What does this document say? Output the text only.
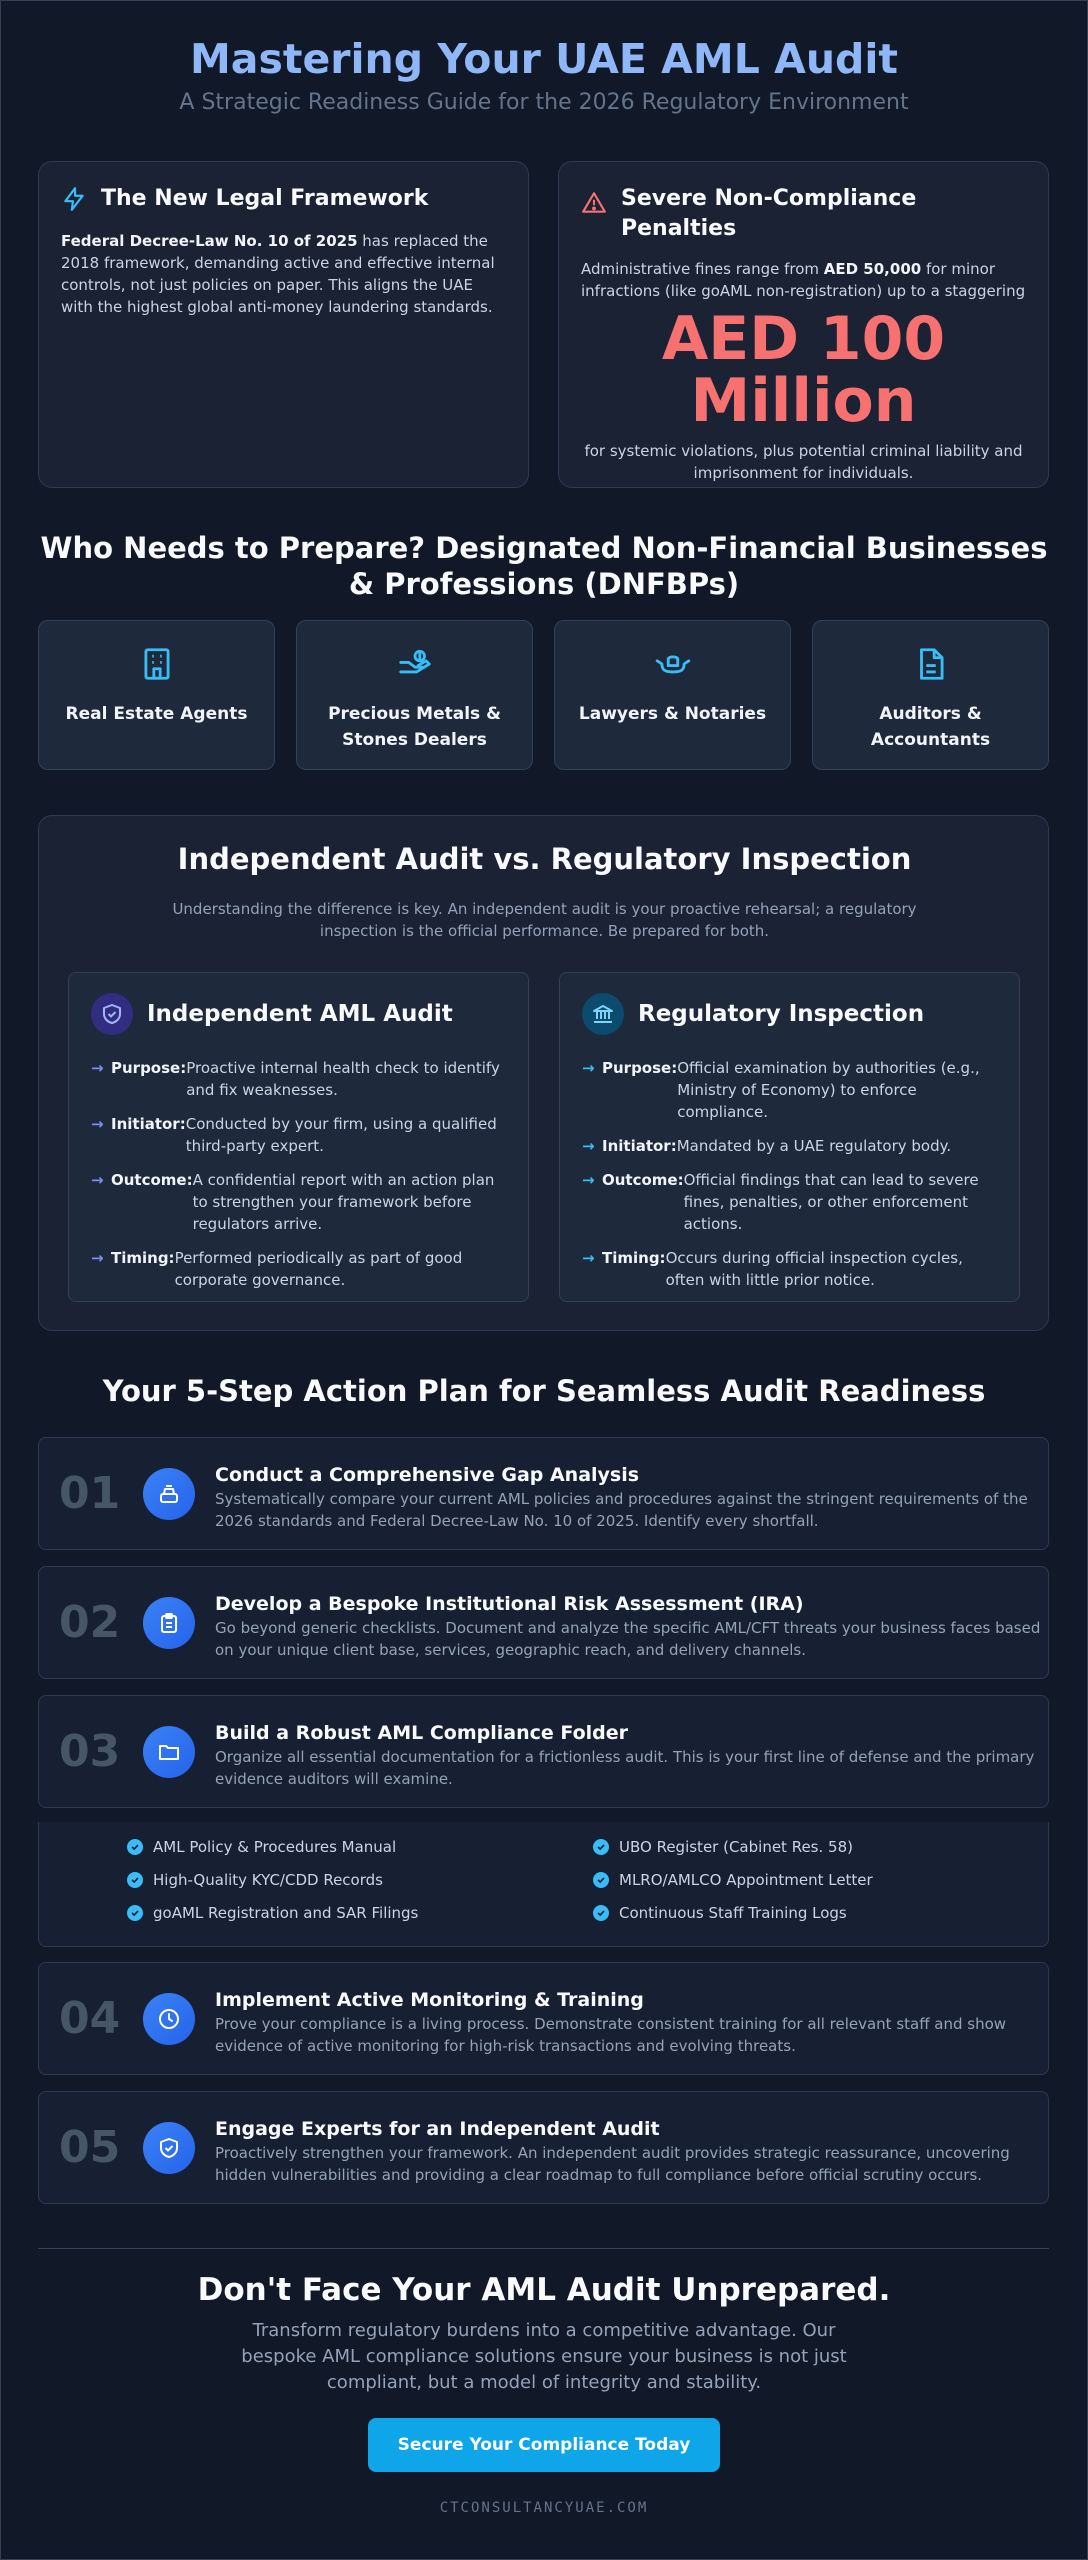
Mastering Your UAE AML Audit
A Strategic Readiness Guide for the 2026 Regulatory Environment
The New Legal Framework

Federal Decree-Law No. 10 of 2025 has replaced the 2018 framework, demanding active and effective internal controls, not just policies on paper. This aligns the UAE with the highest global anti-money laundering standards.

Severe Non-Compliance Penalties

Administrative fines range from AED 50,000 for minor infractions (like goAML non-registration) up to a staggering

AED 100 Million

for systemic violations, plus potential criminal liability and imprisonment for individuals.

Who Needs to Prepare? Designated Non-Financial Businesses & Professions (DNFBPs)
Real Estate Agents	Precious Metals & Stones Dealers
Lawyers & Notaries	Auditors & Accountants
Independent Audit vs. Regulatory Inspection
Understanding the difference is key. An independent audit is your proactive rehearsal; a regulatory inspection is the official performance. Be prepared for both.
Independent AML Audit
→ Purpose: Proactive internal health check to identify and fix weaknesses.
→ Initiator: Conducted by your firm, using a qualified third-party expert.
→ Outcome: A confidential report with an action plan to strengthen your framework before regulators arrive.
→ Timing: Performed periodically as part of good corporate governance.
Regulatory Inspection
→ Purpose: Official examination by authorities (e.g., Ministry of Economy) to enforce compliance.
→ Initiator: Mandated by a UAE regulatory body.
→ Outcome: Official findings that can lead to severe fines, penalties, or other enforcement actions.
→ Timing: Occurs during official inspection cycles, often with little prior notice.
Your 5-Step Action Plan for Seamless Audit Readiness
01	Conduct a Comprehensive Gap Analysis
Systematically compare your current AML policies and procedures against the stringent requirements of the 2026 standards and Federal Decree-Law No. 10 of 2025. Identify every shortfall.
02	Develop a Bespoke Institutional Risk Assessment (IRA)
Go beyond generic checklists. Document and analyze the specific AML/CFT threats your business faces based on your unique client base, services, geographic reach, and delivery channels.
03	Build a Robust AML Compliance Folder
Organize all essential documentation for a frictionless audit. This is your first line of defense and the primary evidence auditors will examine.
AML Policy & Procedures Manual	UBO Register (Cabinet Res. 58)
High-Quality KYC/CDD Records	MLRO/AMLCO Appointment Letter
goAML Registration and SAR Filings	Continuous Staff Training Logs
04	Implement Active Monitoring & Training
Prove your compliance is a living process. Demonstrate consistent training for all relevant staff and show evidence of active monitoring for high-risk transactions and evolving threats.
05	Engage Experts for an Independent Audit
Proactively strengthen your framework. An independent audit provides strategic reassurance, uncovering hidden vulnerabilities and providing a clear roadmap to full compliance before official scrutiny occurs.
Don't Face Your AML Audit Unprepared.
Transform regulatory burdens into a competitive advantage. Our bespoke AML compliance solutions ensure your business is not just compliant, but a model of integrity and stability.
Secure Your Compliance Today
CTCONSULTANCYUAE.COM
